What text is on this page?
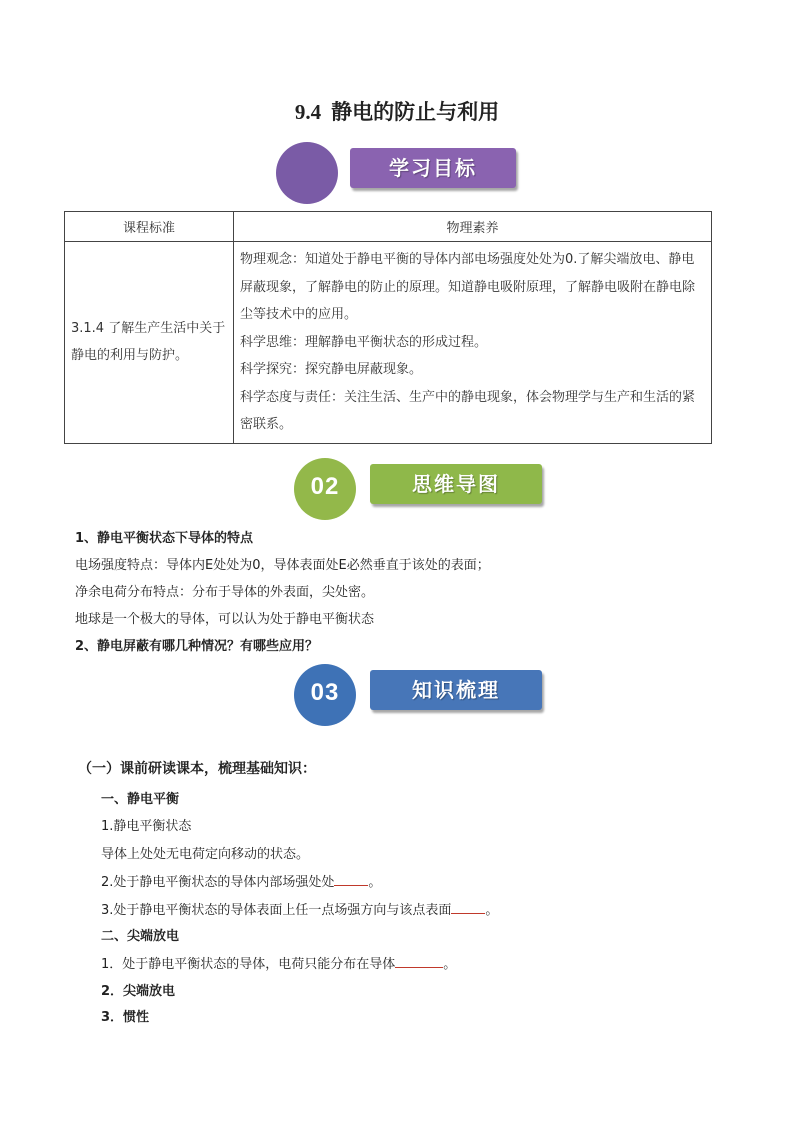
9.4 静电的防止与利用
学习目标
课程标准	物理素养
3.1.4 了解生产生活中关于静电的利用与防护。	物理观念：知道处于静电平衡的导体内部电场强度处处为0.了解尖端放电、静电屏蔽现象，了解静电的防止的原理。知道静电吸附原理，了解静电吸附在静电除尘等技术中的应用。
科学思维：理解静电平衡状态的形成过程。
科学探究：探究静电屏蔽现象。
科学态度与责任：关注生活、生产中的静电现象，体会物理学与生产和生活的紧密联系。
02	思维导图
1、静电平衡状态下导体的特点
电场强度特点：导体内E处处为0，导体表面处E必然垂直于该处的表面；
净余电荷分布特点：分布于导体的外表面，尖处密。
地球是一个极大的导体，可以认为处于静电平衡状态
2、静电屏蔽有哪几种情况？有哪些应用？
03	知识梳理
（一）课前研读课本，梳理基础知识：
一、静电平衡
1.静电平衡状态
导体上处处无电荷定向移动的状态。
2.处于静电平衡状态的导体内部场强处处	。
3.处于静电平衡状态的导体表面上任一点场强方向与该点表面	。
二、尖端放电
1．处于静电平衡状态的导体，电荷只能分布在导体	。
2．尖端放电
3．惯性
